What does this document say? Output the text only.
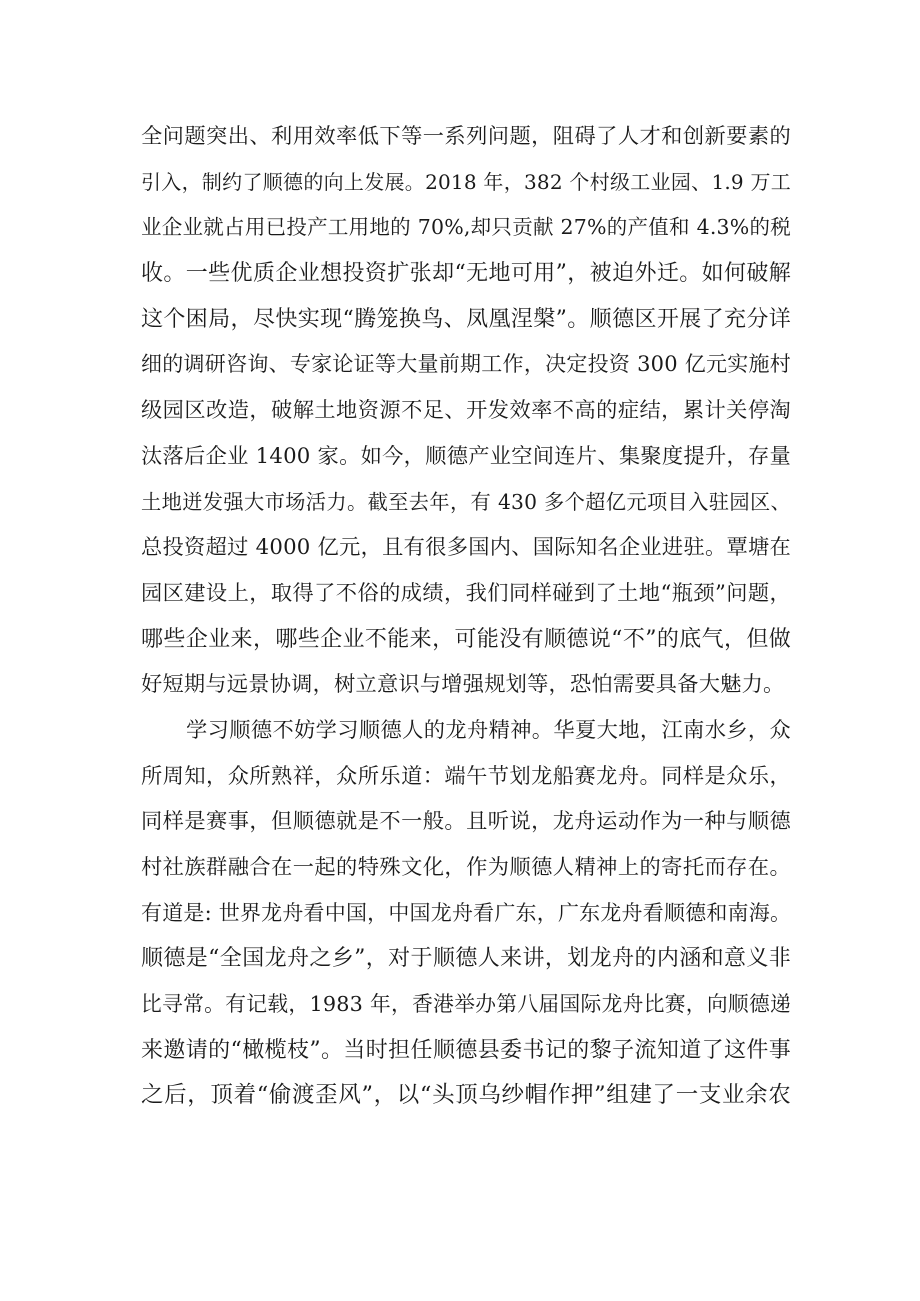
全问题突出、利用效率低下等一系列问题，阻碍了人才和创新要素的
引入，制约了顺德的向上发展。2018 年，382 个村级工业园、1.9 万工
业企业就占用已投产工用地的 70%,却只贡献 27%的产值和 4.3%的税
收。一些优质企业想投资扩张却“无地可用”，被迫外迁。如何破解
这个困局，尽快实现“腾笼换鸟、凤凰涅槃”。顺德区开展了充分详
细的调研咨询、专家论证等大量前期工作，决定投资 300 亿元实施村
级园区改造，破解土地资源不足、开发效率不高的症结，累计关停淘
汰落后企业 1400 家。如今，顺德产业空间连片、集聚度提升，存量
土地迸发强大市场活力。截至去年，有 430 多个超亿元项目入驻园区、
总投资超过 4000 亿元，且有很多国内、国际知名企业进驻。覃塘在
园区建设上，取得了不俗的成绩，我们同样碰到了土地“瓶颈”问题，
哪些企业来，哪些企业不能来，可能没有顺德说“不”的底气，但做
好短期与远景协调，树立意识与增强规划等，恐怕需要具备大魅力。
学习顺德不妨学习顺德人的龙舟精神。华夏大地，江南水乡，众
所周知，众所熟祥，众所乐道：端午节划龙船赛龙舟。同样是众乐，
同样是赛事，但顺德就是不一般。且听说，龙舟运动作为一种与顺德
村社族群融合在一起的特殊文化，作为顺德人精神上的寄托而存在。
有道是: 世界龙舟看中国，中国龙舟看广东，广东龙舟看顺德和南海。
顺德是“全国龙舟之乡”，对于顺德人来讲，划龙舟的内涵和意义非
比寻常。有记载，1983 年，香港举办第八届国际龙舟比赛，向顺德递
来邀请的“橄榄枝”。当时担任顺德县委书记的黎子流知道了这件事
之后，顶着“偷渡歪风”，以“头顶乌纱帽作押”组建了一支业余农
